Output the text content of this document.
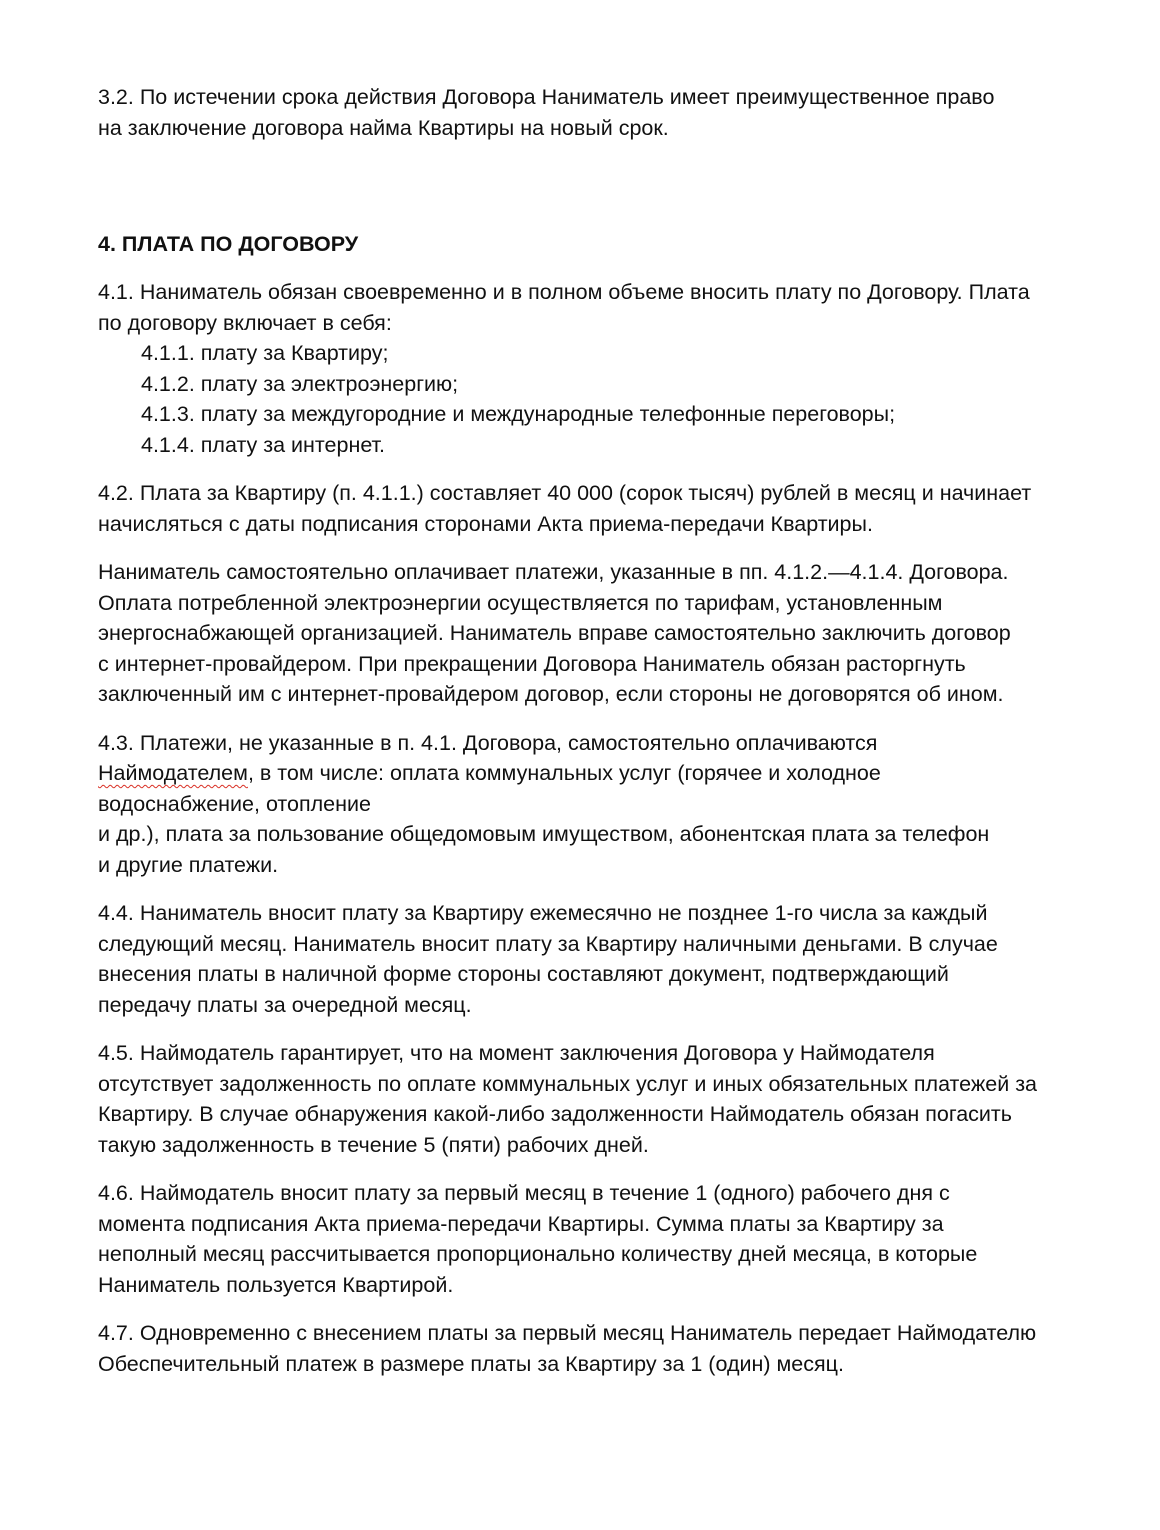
3.2. По истечении срока действия Договора Наниматель имеет преимущественное право
на заключение договора найма Квартиры на новый срок.

4. ПЛАТА ПО ДОГОВОРУ

4.1. Наниматель обязан своевременно и в полном объеме вносить плату по Договору. Плата
по договору включает в себя:

4.1.1. плату за Квартиру;

4.1.2. плату за электроэнергию;

4.1.3. плату за междугородние и международные телефонные переговоры;

4.1.4. плату за интернет.

4.2. Плата за Квартиру (п. 4.1.1.) составляет 40 000 (сорок тысяч) рублей в месяц и начинает
начисляться с даты подписания сторонами Акта приема-передачи Квартиры.

Наниматель самостоятельно оплачивает платежи, указанные в пп. 4.1.2.—4.1.4. Договора.
Оплата потребленной электроэнергии осуществляется по тарифам, установленным
энергоснабжающей организацией. Наниматель вправе самостоятельно заключить договор
с интернет-провайдером. При прекращении Договора Наниматель обязан расторгнуть
заключенный им с интернет-провайдером договор, если стороны не договорятся об ином.

4.3. Платежи, не указанные в п. 4.1. Договора, самостоятельно оплачиваются
Наймодателем, в том числе: оплата коммунальных услуг (горячее и холодное
водоснабжение, отопление
и др.), плата за пользование общедомовым имуществом, абонентская плата за телефон
и другие платежи.

4.4. Наниматель вносит плату за Квартиру ежемесячно не позднее 1-го числа за каждый
следующий месяц. Наниматель вносит плату за Квартиру наличными деньгами. В случае
внесения платы в наличной форме стороны составляют документ, подтверждающий
передачу платы за очередной месяц.

4.5. Наймодатель гарантирует, что на момент заключения Договора у Наймодателя
отсутствует задолженность по оплате коммунальных услуг и иных обязательных платежей за
Квартиру. В случае обнаружения какой-либо задолженности Наймодатель обязан погасить
такую задолженность в течение 5 (пяти) рабочих дней.

4.6. Наймодатель вносит плату за первый месяц в течение 1 (одного) рабочего дня с
момента подписания Акта приема-передачи Квартиры. Сумма платы за Квартиру за
неполный месяц рассчитывается пропорционально количеству дней месяца, в которые
Наниматель пользуется Квартирой.

4.7. Одновременно с внесением платы за первый месяц Наниматель передает Наймодателю
Обеспечительный платеж в размере платы за Квартиру за 1 (один) месяц.
